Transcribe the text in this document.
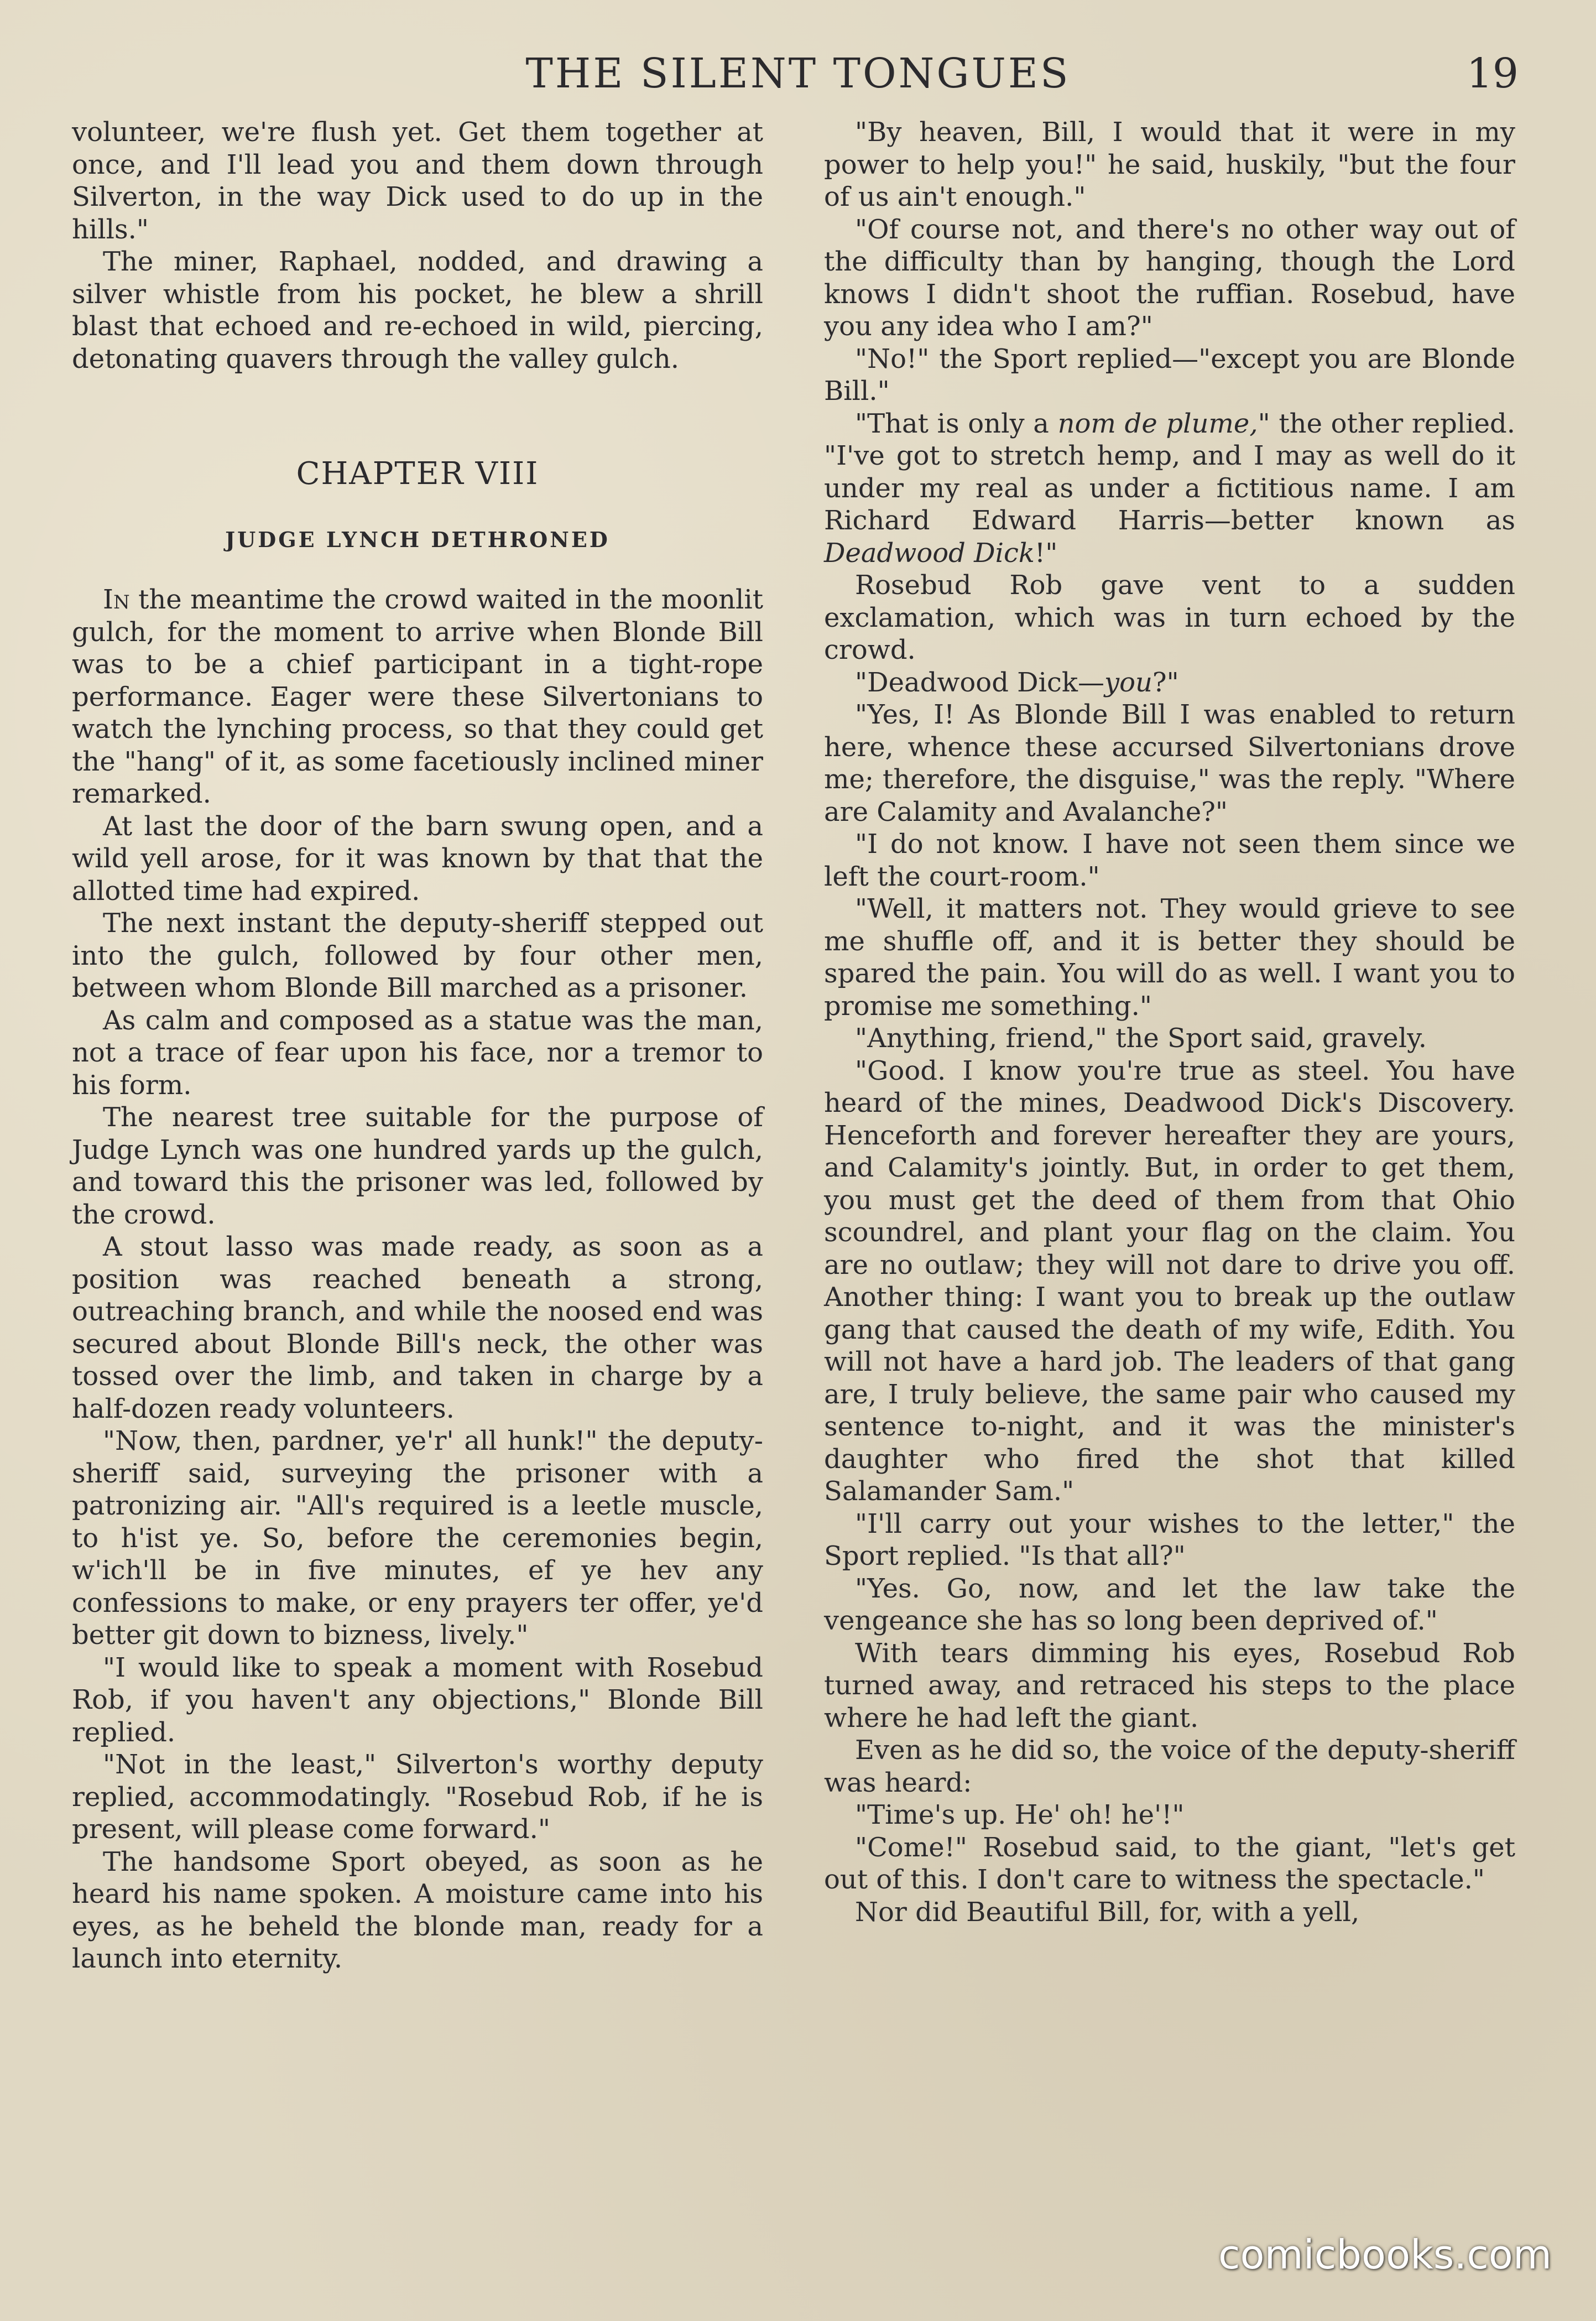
THE SILENT TONGUES	19

volunteer, we're flush yet. Get them together at once, and I'll lead you and them down through Silverton, in the way Dick used to do up in the hills."

The miner, Raphael, nodded, and drawing a silver whistle from his pocket, he blew a shrill blast that echoed and re-echoed in wild, piercing, detonating quavers through the valley gulch.

CHAPTER VIII
JUDGE LYNCH DETHRONED

In the meantime the crowd waited in the moonlit gulch, for the moment to arrive when Blonde Bill was to be a chief participant in a tight-rope performance. Eager were these Silvertonians to watch the lynching process, so that they could get the "hang" of it, as some facetiously inclined miner remarked.

At last the door of the barn swung open, and a wild yell arose, for it was known by that that the allotted time had expired.

The next instant the deputy-sheriff stepped out into the gulch, followed by four other men, between whom Blonde Bill marched as a prisoner.

As calm and composed as a statue was the man, not a trace of fear upon his face, nor a tremor to his form.

The nearest tree suitable for the purpose of Judge Lynch was one hundred yards up the gulch, and toward this the prisoner was led, followed by the crowd.

A stout lasso was made ready, as soon as a position was reached beneath a strong, outreaching branch, and while the noosed end was secured about Blonde Bill's neck, the other was tossed over the limb, and taken in charge by a half-dozen ready volunteers.

"Now, then, pardner, ye'r' all hunk!" the deputy-sheriff said, surveying the prisoner with a patronizing air. "All's required is a leetle muscle, to h'ist ye. So, before the ceremonies begin, w'ich'll be in five minutes, ef ye hev any confessions to make, or eny prayers ter offer, ye'd better git down to bizness, lively."

"I would like to speak a moment with Rosebud Rob, if you haven't any objections," Blonde Bill replied.

"Not in the least," Silverton's worthy deputy replied, accommodatingly. "Rosebud Rob, if he is present, will please come forward."

The handsome Sport obeyed, as soon as he heard his name spoken. A moisture came into his eyes, as he beheld the blonde man, ready for a launch into eternity.

"By heaven, Bill, I would that it were in my power to help you!" he said, huskily, "but the four of us ain't enough."

"Of course not, and there's no other way out of the difficulty than by hanging, though the Lord knows I didn't shoot the ruffian. Rosebud, have you any idea who I am?"

"No!" the Sport replied—"except you are Blonde Bill."

"That is only a nom de plume," the other replied. "I've got to stretch hemp, and I may as well do it under my real as under a fictitious name. I am Richard Edward Harris—better known as Deadwood Dick!"

Rosebud Rob gave vent to a sudden exclamation, which was in turn echoed by the crowd.

"Deadwood Dick—you?"

"Yes, I! As Blonde Bill I was enabled to return here, whence these accursed Silvertonians drove me; therefore, the disguise," was the reply. "Where are Calamity and Avalanche?"

"I do not know. I have not seen them since we left the court-room."

"Well, it matters not. They would grieve to see me shuffle off, and it is better they should be spared the pain. You will do as well. I want you to promise me something."

"Anything, friend," the Sport said, gravely.

"Good. I know you're true as steel. You have heard of the mines, Deadwood Dick's Discovery. Henceforth and forever hereafter they are yours, and Calamity's jointly. But, in order to get them, you must get the deed of them from that Ohio scoundrel, and plant your flag on the claim. You are no outlaw; they will not dare to drive you off. Another thing: I want you to break up the outlaw gang that caused the death of my wife, Edith. You will not have a hard job. The leaders of that gang are, I truly believe, the same pair who caused my sentence to-night, and it was the minister's daughter who fired the shot that killed Salamander Sam."

"I'll carry out your wishes to the letter," the Sport replied. "Is that all?"

"Yes. Go, now, and let the law take the vengeance she has so long been deprived of."

With tears dimming his eyes, Rosebud Rob turned away, and retraced his steps to the place where he had left the giant.

Even as he did so, the voice of the deputy-sheriff was heard:

"Time's up. He' oh! he'!"

"Come!" Rosebud said, to the giant, "let's get out of this. I don't care to witness the spectacle."

Nor did Beautiful Bill, for, with a yell,

comicbooks.com
